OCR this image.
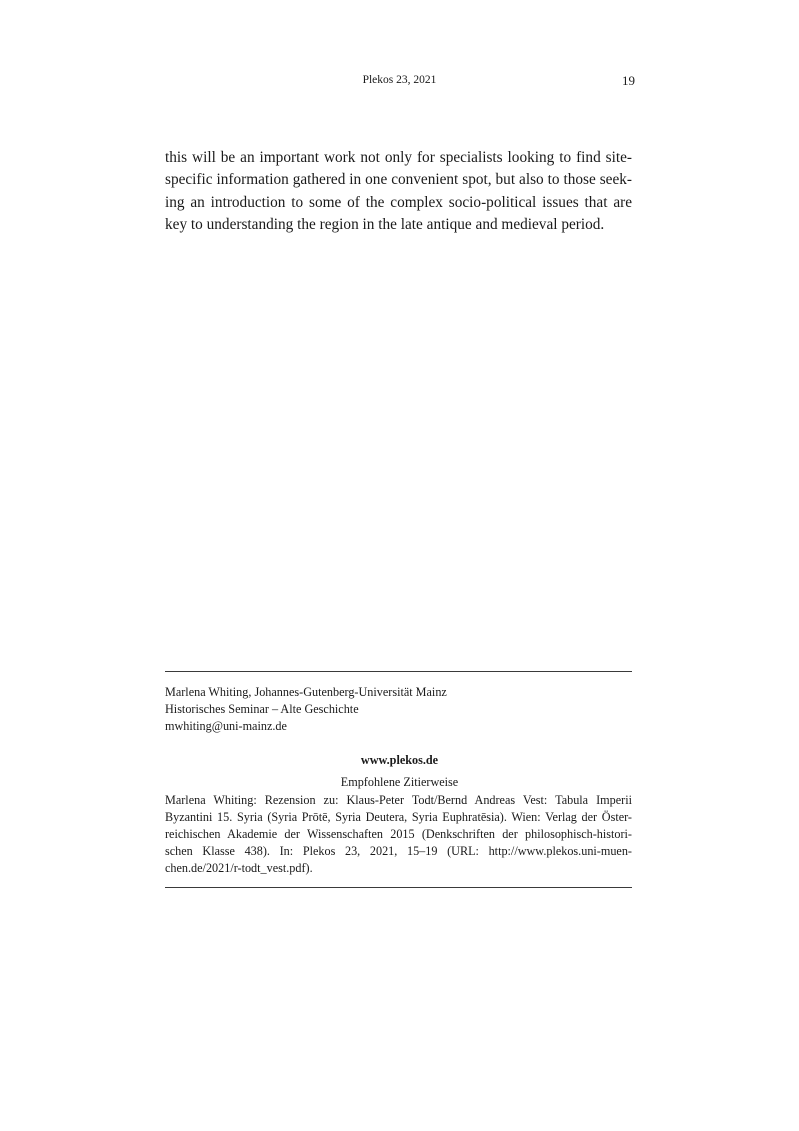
Plekos 23, 2021	19
this will be an important work not only for specialists looking to find site-
specific information gathered in one convenient spot, but also to those seek-
ing an introduction to some of the complex socio-political issues that are
key to understanding the region in the late antique and medieval period.
Marlena Whiting, Johannes-Gutenberg-Universität Mainz
Historisches Seminar – Alte Geschichte
mwhiting@uni-mainz.de
www.plekos.de
Empfohlene Zitierweise
Marlena Whiting: Rezension zu: Klaus-Peter Todt/Bernd Andreas Vest: Tabula Imperii
Byzantini 15. Syria (Syria Prōtē, Syria Deutera, Syria Euphratēsia). Wien: Verlag der Öster-
reichischen Akademie der Wissenschaften 2015 (Denkschriften der philosophisch-histori-
schen Klasse 438). In: Plekos 23, 2021, 15–19 (URL: http://www.plekos.uni-muen-
chen.de/2021/r-todt_vest.pdf).
